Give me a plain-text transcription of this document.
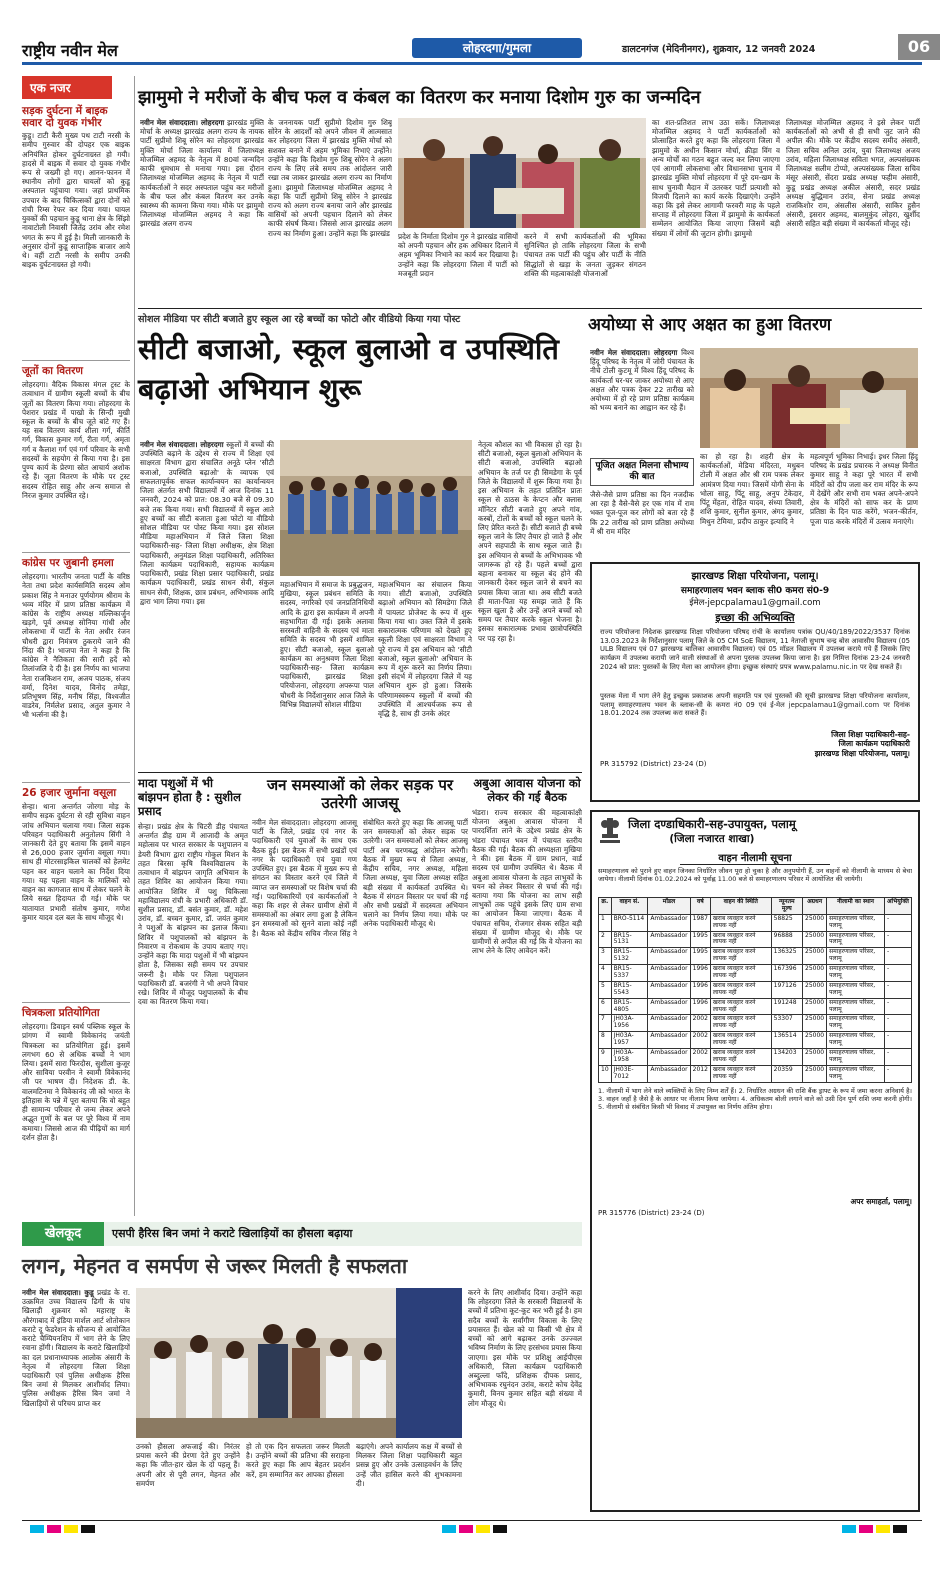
राष्ट्रीय नवीन मेल	लोहरदगा/गुमला	डालटनगंज (मेदिनीनगर), शुक्रवार, 12 जनवरी 2024	06
एक नजर
सड़क दुर्घटना में बाइक सवार दो युवक गंभीर
कुडू। टाटी कैरी मुख्य पथ टाटी नरसी के समीप गुरुवार की दोपहर एक बाइक अनियंत्रित होकर दुर्घटनाग्रस्त हो गयी। हादसे में बाइक में सवार दो युवक गंभीर रूप से जख्मी हो गए। आनन-फानन में स्थानीय लोगों द्वारा घायलों को कुडू अस्पताल पहुंचाया गया। जहां प्राथमिक उपचार के बाद चिकित्सकों द्वारा दोनों को रांची रिम्स रेफर कर दिया गया। घायल युवकों की पहचान कुडू थाना क्षेत्र के सिंझो नावाटोली निवासी जितेंद्र उरांव और रमेश भगत के रूप में हुई है। मिली जानकारी के अनुसार दोनों कुडू साप्ताहिक बाजार आये थे। वहीं टाटी नरसी के समीप उनकी बाइक दुर्घटनाग्रस्त हो गयी।
जूतों का वितरण
लोहरदगा। वैदिक विकास मंगल ट्रस्ट के तत्वाधान में ग्रामीण स्कूली बच्चों के बीच जूतों का वितरण किया गया। लोहरदगा के पेशरार प्रखंड में पाखो के सिन्दी मुखी स्कूल के बच्चों के बीच जूते बांटे गए हैं। यह सब वितरण कार्य शीला गर्ग, कीर्ति गर्ग, विकास कुमार गर्ग, रीता गर्ग, अमृता गर्ग व कैलाश गर्ग एवं गर्ग परिवार के सभी सदस्यों के सहयोग से किया गया है। इस पुण्य कार्य के प्रेरणा स्रोत आचार्य अशोक रहे हैं। जूता वितरण के मौके पर ट्रस्ट सदस्य रोहित साहू और अन्य समाज से निरज कुमार उपस्थित रहे।
कांग्रेस पर जुबानी हमला
लोहरदगा। भारतीय जनता पार्टी के वरिष्ठ नेता तथा प्रदेश कार्यसमिति सदस्य ओम प्रकाश सिंह ने मनाउर पूर्णयोगम श्रीराम के भव्य मंदिर में प्राण प्रतिष्ठा कार्यक्रम में कांग्रेस के राष्ट्रीय अध्यक्ष मल्लिकार्जुन खड़गे, पूर्व अध्यक्ष सोनिया गांधी और लोकसभा में पार्टी के नेता अधीर रंजन चौधरी द्वारा निमंत्रण ठुकराये जाने की निंदा की है। भाजपा नेता ने कहा है कि कांग्रेस ने नैतिकता की सारी हदें को तिलांजलि दे दी है। इस निर्णय का भाजपा नेता राजकिशन राम, अजय पाठक, संजय वर्मा, दिनेश यादव, विनोद तमेड़ा, प्रतिभूषण सिंह, मनीष सिंहा, विश्वजीत वाडरेव, निर्मलेश प्रसाद, अतुल कुमार ने भी भर्त्सना की है।
26 हजार जुर्माना वसूला
सेन्हा। थाना अन्तर्गत जोरगा मोड़ के समीप सड़क दुर्घटना से रही सुविधा वाहन जांच अभियान चलाया गया। जिला सड़क परिवहन पदाधिकारी अनुतोलय सिंगी ने जानकारी देते हुए बताया कि इसमें वाहन से 26,000 हजार जुर्माना वसूला गया। साथ ही मोटरसाइकिल चालकों को हेलमेट पहन कर वाहन चलाने का निर्देश दिया गया। यह पहला वाहन के मालिकों को वाहन का कागजात साथ में लेकर चलने के लिये सख्त हिदायत दी गई। मौके पर यातायात प्रभारी संतोष कुमार, गणेश कुमार यादव दल बल के साथ मौजूद थे।
चित्रकला प्रतियोगिता
लोहरदगा। डिवाइन स्वर्थ पब्लिक स्कूल के प्रांगण में स्वामी विवेकानंद जयंती चित्रकला का प्रतियोगिता हुई। इसमें लगभग 60 से अधिक बच्चों ने भाग लिया। इसमें सारा फिरदौस, सुशीला कुजूर और साविया परवीन ने स्वामी विवेकानंद जी पर भाषण दी। निदेशक डी. के. वालमटिनमा ने विवेकानंद जी को भारत के इतिहास के पन्ने में पूरा बताया कि वो बहुत ही सामान्य परिवार से जन्म लेकर अपने अद्भुत गुणों के बल पर पूरे विश्व में नाम कमाया। जिससे आज की पीढ़ियों का मार्ग दर्शन होता है।
झामुमो ने मरीजों के बीच फल व कंबल का वितरण कर मनाया दिशोम गुरु का जन्मदिन
नवीन मेल संवाददाता। लोहरदगा झारखंड मुक्ति मोर्चा के अध्यक्ष झारखंड अलग राज्य के नायक पार्टी सुप्रीमो शिबू सोरेन का लोहरदगा झारखंड मुक्ति मोर्चा जिला कार्यालय में जिलाध्यक्ष मोजम्मिल अहमद के नेतृत्व में 80वां जन्मदिन काफी धूमधाम से मनाया गया। इस दौरान जिलाध्यक्ष मोजम्मिल अहमद के नेतृत्व में पार्टी कार्यकर्ताओं ने सदर अस्पताल पहुंच कर मरीजों के बीच फल और कंबल वितरण कर उनके स्वास्थ्य की कामना किया गया। मौके पर झामुमो जिलाध्यक्ष मोजम्मिल अहमद ने कहा कि झारखंड अलग राज्य
के जननायक पार्टी सुप्रीमो दिशोम गुरु शिबू सोरेन के आदर्शों को अपने जीवन में आत्मसात कर लोहरदगा जिला में झारखंड मुक्ति मोर्चा को सशक्त बनाने में अहम भूमिका निभाएं उन्होंने। उन्होंने कहा कि दिशोम गुरु शिबू सोरेन ने अलग राज्य के लिए लंबे समय तक आंदोलन जारी रखा तब जाकर झारखंड अलग राज्य का निर्माण हुआ। झामुमो जिलाध्यक्ष मोजम्मिल अहमद ने कहा कि पार्टी सुप्रीमो शिबू सोरेन ने झारखंड राज्य को अलग राज्य बनाया जाने और झारखंड वासियों को अपनी पहचान दिलाने को लेकर काफी संघर्ष किया। जिससे आज झारखंड अलग राज्य का निर्माण हुआ। उन्होंने कहा कि झारखंड प्रदेश के निर्माता दिशोम गुरु ने झारखंड वासियों को अपनी पहचान और हक अधिकार दिलाने में अहम भूमिका निभाने का कार्य कर दिखाया है। उन्होंने कहा कि लोहरदगा जिला में पार्टी को मजबूती प्रदान
करने में सभी कार्यकर्ताओं की भूमिका सुनिश्चित हो ताकि लोहरदगा जिला के सभी पंचायत तक पार्टी की पहुंच और पार्टी के नीति सिद्धांतों से खड़ा के जनता जुड़कर संगठन शक्ति की महत्वाकांक्षी योजनाओं
का शत-प्रतिशत लाभ उठा सकें। जिलाध्यक्ष मोजम्मिल अहमद ने पार्टी कार्यकर्ताओं को प्रोत्साहित करते हुए कहा कि लोहरदगा जिला में झामुमो के अधीन किसान मोर्चा, क्रीड़ा विंग व अन्य मोर्चों का गठन बहुत जल्द कर लिया जाएगा एवं आगामी लोकसभा और विधानसभा चुनाव में झारखंड मुक्ति मोर्चा लोहरदगा में पूरे दम-खम के साथ चुनावी मैदान में उतरकर पार्टी प्रत्याशी को विजयी दिलाने का कार्य करके दिखाएंगे। उन्होंने कहा कि इसे लेकर आगामी फरवरी माह के पहले सप्ताह में लोहरदगा जिला में झामुमो के कार्यकर्ता सम्मेलन आयोजित किया जाएगा जिसमें बड़ी संख्या में लोगों की जुटान होगी। झामुमो
जिलाध्यक्ष मोजम्मिल अहमद ने इसे लेकर पार्टी कार्यकर्ताओं को अभी से ही सभी जुट जाने की अपील की। मौके पर केंद्रीय सदस्य समीद अंसारी, जिला सचिव अनिल उरांव, युवा जिलाध्यक्ष अजय उरांव, महिला जिलाध्यक्ष सविता भगत, अल्पसंख्यक जिलाध्यक्ष सलीम टोप्पो, अल्पसंख्यक जिला सचिव मंसूर अंसारी, सेंदरा प्रखंड अध्यक्ष फहीम अंसारी, कुडू प्रखंड अध्यक्ष अकील अंसारी, सदर प्रखंड अध्यक्ष बुद्धिमान उरांव, सेना प्रखंड अध्यक्ष राजकिशोर राम, अंसलीस अंसारी, साकिर हुसैन अंसारी, इसरार अहमद, बालमुकुंद लोहरा, खुर्शीद अंसारी सहित बड़ी संख्या में कार्यकर्ता मौजूद रहे।
सोशल मीडिया पर सीटी बजाते हुए स्कूल आ रहे बच्चों का फोटो और वीडियो किया गया पोस्ट
सीटी बजाओ, स्कूल बुलाओ व उपस्थिति बढ़ाओ अभियान शुरू
नवीन मेल संवाददाता। लोहरदगा स्कूलों में बच्चों की उपस्थिति बढ़ाने के उद्देश्य से राज्य में शिक्षा एवं साक्षरता विभाग द्वारा संचालित अनूठे प्लेन 'सीटी बजाओ, उपस्थिति बढ़ाओ' के व्यापक एवं सफलतापूर्वक सफल कार्यान्वयन का कार्यान्वयन जिला अंतर्गत सभी विद्यालयों में आज दिनांक 11 जनवरी, 2024 को प्रात: 08.30 बजे से 09.30 बजे तक किया गया। सभी विद्यालयों में स्कूल आते हुए बच्चों का सीटी बजाता हुआ फोटो या वीडियो सोशल मीडिया पर पोस्ट किया गया। इस सोशल मीडिया महाअभियान में जिले जिला शिक्षा पदाधिकारी-सह- जिला शिक्षा अधीक्षक, क्षेत्र शिक्षा पदाधिकारी, अनुमंडल शिक्षा पदाधिकारी, अतिरिक्त जिला कार्यक्रम पदाधिकारी, सहायक कार्यक्रम पदाधिकारी, प्रखंड शिक्षा प्रसार पदाधिकारी, प्रखंड कार्यक्रम पदाधिकारी, प्रखंड साधन सेवी, संकुल साधन सेवी, शिक्षक, छात्र प्रबंधन, अभिभावक आदि द्वारा भाग लिया गया। इस
महाअभियान में समाज के प्रबुद्धजन, मुखिया, स्कूल प्रबंधन समिति के सदस्य, नगरिको एवं जनप्रतिनिधियों आदि के द्वारा इस कार्यक्रम में अपनी सहभागिता दी गई। इसके अलावा सरस्वती वाहिनी के सदस्य एवं माता समिति के सदस्य भी इसमें शामिल हुए। सीटी बजाओ, स्कूल बुलाओ कार्यक्रम का अनुश्रवण जिला शिक्षा पदाधिकारी-सह- जिला कार्यक्रम पदाधिकारी, झारखंड शिक्षा परियोजना, लोहरदगा अपरूपा पाल चौधरी के निर्देशानुसार आज जिले के विभिन्न विद्यालयों सोशल मीडिया
महाअभियान का संचालन किया गया। सीटी बजाओ, उपस्थिति बढ़ाओ अभियान को सिमडेगा जिले में पायलट प्रोजेक्ट के रूप में शुरू किया गया था। उक्त जिले में इसके सकारात्मक परिणाम को देखते हुए स्कूली शिक्षा एवं साक्षरता विभाग ने पूरे राज्य में इस अभियान को 'सीटी बजाओ, स्कूल बुलाओ' अभियान के रूप में शुरू करने का निर्णय लिया। इसी संदर्भ में लोहरदगा जिले में यह अभियान शुरू हो हुआ। जिसके परिणामस्वरूप स्कूलों में बच्चों की उपस्थिति में आश्चर्यजक रूप से वृद्धि है, साथ ही उनके अंदर
नेतृत्व कौशल का भी विकास हो रहा है। सीटी बजाओ, स्कूल बुलाओ अभियान के सीटी बजाओ, उपस्थिति बढ़ाओ अभियान के तर्ज पर ही सिमडेगा के पूर्व जिले के विद्यालयों में शुरू किया गया है। इस अभियान के तहत प्रतिदिन प्रातः स्कूल से ठाठस के केप्टन और क्लास मॉनिटर सीटी बजाते हुए अपने गांव, कस्बों, टोलों के बच्चों को स्कूल चलने के लिए प्रेरित करते हैं। सीटी बजाते ही बच्चे स्कूल जाने के लिए तैयार हो जाते हैं और अपने सहपाठी के साथ स्कूल जाते हैं। इस अभियान से बच्चों के अभिभावक भी जागरूक हो रहे हैं। पहले बच्चों द्वारा बहाना बनाकर या स्कूल बंद होने की जानकारी देकर स्कूल जाने से बचने का प्रयास किया जाता था। अब सीटी बजते ही माता-पिता यह समझ जाते हैं कि स्कूल खुला है और उन्हें अपने बच्चों को समय पर तैयार करके स्कूल भेजना है। इसका सकारात्मक प्रभाव छात्रोपस्थिति पर पड़ रहा है।
अयोध्या से आए अक्षत का हुआ वितरण
नवीन मेल संवाददाता। लोहरदगा विश्व हिंदू परिषद के नेतृत्व में जोरी पंचायत के नीचे टोली कुटमू में विश्व हिंदू परिषद के कार्यकर्ता घर-घर जाकर अयोध्या से आए अक्षत और पत्रक देकर 22 तारीख को अयोध्या में हो रहे प्राण प्रतिष्ठा कार्यक्रम को भव्य बनाने का आह्वान कर रहे हैं।
पूजित अक्षत मिलना सौभाग्य की बात
जैसे-जैसे प्राण प्रतिष्ठा का दिन नजदीक आ रहा है वैसे-वैसे हर एक गांव में राम भक्त पूज-पूज कर लोगों को बता रहे हैं कि 22 तारीख को प्राण प्रतिष्ठा अयोध्या में श्री राम मंदिर
का हो रहा है। शहरी क्षेत्र के कार्यकर्ताओं, मेडिया मंदिरता, मधुबन टोली में अक्षत और श्री राम पत्रक लेकर आमंत्रण दिया गया। जिसमें योगी सेना के भोला साहू, पिंटू साहू, अनुप टेकेदार, पिंटू मेंहता, रोहित यादव, संध्या तिवारी, शशि कुमार, सुनील कुमार, अंगद कुमार, मिथुन टेमिया, प्रदीप ठाकुर इत्यादि ने
महत्वपूर्ण भूमिका निभाई। इधर जिला हिंदू परिषद के प्रखंड प्रचारक ने अध्यक्ष विनीत कुमार साहू ने कहा पूरे भारत में सभी मंदिरों को दीप जला कर राम मंदिर के रूप में देखेंगे और सभी राम भक्त अपने-अपने क्षेत्र के मंदिरों को साफ कर के प्राण प्रतिष्ठा के दिन पाठ करेंगे, भजन-कीर्तन, पूजा पाठ करके मंदिरों में उत्सव मनाएंगे।
झारखण्ड शिक्षा परियोजना, पलामू।
समाहरणालय भवन ब्लाक सी0 कमरा सं0-9
ईमेल-jepcpalamau1@gmail.com
इच्छा की अभिव्यक्ति
राज्य परियोजना निदेशक झारखण्ड शिक्षा परियोजना परिषद रांची के कार्यालय पत्रांक QU/40/189/2022/3537 दिनांक 13.03.2023 के निर्देशानुसार पलामू जिले के 05 CM SoE विद्यालय, 11 नेताजी सुभाष चन्द्र बोस आवासीय विद्यालय (05 ULB विद्यालय एवं 07 झारखण्ड बालिका आवासीय विद्यालय) एवं 05 मॉडल विद्यालय में उपलब्ध कराये गये हैं जिसके लिए कार्यक्रम में उपलब्ध करायी जाने वाली संस्थाओं से अपना पुस्तक उपलब्ध किया जाना है। इस निमित्त दिनांक 23-24 जनवरी 2024 को प्रात: पुस्तकों के लिए मेला का आयोजन होगा। इच्छुक संस्थाएं प्रपत्र www.palamu.nic.in पर देख सकते हैं।
पुस्तक मेला में भाग लेने हेतु इच्छुक प्रकाशक अपनी सहमति पत्र एवं पुस्तकों की सूची झारखण्ड शिक्षा परियोजना कार्यालय, पलामू समाहरणालय भवन के ब्लाक-सी के कमरा नं0 09 एवं ई-मेल jepcpalamau1@gmail.com पर दिनांक 18.01.2024 तक उपलब्ध करा सकते हैं।
जिला शिक्षा पदाधिकारी-सह-
जिला कार्यक्रम पदाधिकारी
झारखण्ड शिक्षा परियोजना, पलामू।
PR 315792 (District) 23-24 (D)
जिला दण्डाधिकारी-सह-उपायुक्त, पलामू
(जिला नजारत शाखा)
वाहन नीलामी सूचना
समाहरणालय को पुराने हुए वाहन जिनका निर्धारित जीवन पूरा हो चुका है और अनुपयोगी हैं, उन वाहनों को नीलामी के माध्यम से बेचा जायेगा। नीलामी दिनांक 01.02.2024 को पूर्वाह्न 11.00 बजे से समाहरणालय परिसर में आयोजित की जायेगी।
क्र.	वाहन सं.	मॉडल	वर्ष	वाहन की स्थिति	न्यूनतम मूल्य	अग्रधन	नीलामी का स्थान	अभियुक्ति
1	BRO-5114	Ambassador	1987	खराब व्यवहार करने लायक नहीं	58825	25000	समाहरणालय परिसर, पलामू	-
2	BR15-5131	Ambassador	1995	खराब व्यवहार करने लायक नहीं	96888	25000	समाहरणालय परिसर, पलामू	-
3	BR15-5132	Ambassador	1995	खराब व्यवहार करने लायक नहीं	136325	25000	समाहरणालय परिसर, पलामू	-
4	BR15-5337	Ambassador	1996	खराब व्यवहार करने लायक नहीं	167396	25000	समाहरणालय परिसर, पलामू	-
5	BR15-5543	Ambassador	1996	खराब व्यवहार करने लायक नहीं	197126	25000	समाहरणालय परिसर, पलामू	-
6	BR15-4805	Ambassador	1996	खराब व्यवहार करने लायक नहीं	191248	25000	समाहरणालय परिसर, पलामू	-
7	JH03A-1956	Ambassador	2002	खराब व्यवहार करने लायक नहीं	53307	25000	समाहरणालय परिसर, पलामू	-
8	JH03A-1957	Ambassador	2002	खराब व्यवहार करने लायक नहीं	136514	25000	समाहरणालय परिसर, पलामू	-
9	JH03A-1958	Ambassador	2002	खराब व्यवहार करने लायक नहीं	134203	25000	समाहरणालय परिसर, पलामू	-
10	JH03E-7012	Ambassador	2012	खराब व्यवहार करने लायक नहीं	20359	25000	समाहरणालय परिसर, पलामू	-
1. नीलामी में भाग लेने वाले व्यक्तियों के लिए निम्न शर्तें हैं। 2. निर्धारित अग्रधन की राशि बैंक ड्राफ्ट के रूप में जमा करना अनिवार्य है। 3. वाहन जहाँ है जैसे है के आधार पर नीलाम किया जायेगा। 4. अधिकतम बोली लगाने वाले को उसी दिन पूर्ण राशि जमा करनी होगी। 5. नीलामी से संबंधित किसी भी विवाद में उपायुक्त का निर्णय अंतिम होगा।
अपर समाहर्ता, पलामू।
PR 315776 (District) 23-24 (D)
मादा पशुओं में भी बांझपन होता है : सुशील प्रसाद
सेन्हा। प्रखंड क्षेत्र के चिटरी डीह पंचायत अन्तर्गत डीह ग्राम में आजादी के अमृत महोत्सव पर भारत सरकार के पशुपालन व डेयरी विभाग द्वारा राष्ट्रीय गोकुल मिशन के तहत बिरसा कृषि विश्वविद्यालय के तत्वाधान में बांझपन जागृति अभियान के तहत शिविर का आयोजन किया गया। आयोजित शिविर में पशु चिकित्सा महाविद्यालय रांची के प्रभारी अधिकारी डॉ. सुशील प्रसाद, डॉ. बसंत कुमार, डॉ. महेश उरांव, डॉ. बच्चन कुमार, डॉ. जयंत कुमार ने पशुओं के बांझपन का इलाज किया। शिविर में पशुपालकों को बांझपन के निवारण व रोकथाम के उपाय बताए गए। उन्होंने कहा कि मादा पशुओं में भी बांझपन होता है, जिसका सही समय पर उपचार जरूरी है। मौके पर जिला पशुपालन पदाधिकारी डॉ. बजरंगी ने भी अपने विचार रखे। शिविर में मौजूद पशुपालकों के बीच दवा का वितरण किया गया।
जन समस्याओं को लेकर सड़क पर उतरेगी आजसू
नवीन मेल संवाददाता। लोहरदगा आजसू पार्टी के जिले, प्रखंड एवं नगर के पदाधिकारी एवं युवाओं के साथ एक बैठक हुई। इस बैठक में सभी प्रखंडों एवं नगर के पदाधिकारी एवं युवा गण उपस्थित हुए। इस बैठक में मुख्य रूप से संगठन का विस्तार करने एवं जिले में व्याप्त जन समस्याओं पर विशेष चर्चा की गई। पदाधिकारियों एवं कार्यकर्ताओं ने कहा कि शहर से लेकर ग्रामीण क्षेत्रों में समस्याओं का अंबार लगा हुआ है लेकिन इन समस्याओं को सुनने वाला कोई नहीं है। बैठक को केंद्रीय सचिव नीरज सिंह ने संबोधित करते हुए कहा कि आजसू पार्टी जन समस्याओं को लेकर सड़क पर उतरेगी। जन समस्याओं को लेकर आजसू पार्टी अब चरणबद्ध आंदोलन करेगी। बैठक में मुख्य रूप से जिला अध्यक्ष, केंद्रीय सचिव, नगर अध्यक्ष, महिला जिला अध्यक्ष, युवा जिला अध्यक्ष सहित बड़ी संख्या में कार्यकर्ता उपस्थित थे। बैठक में संगठन विस्तार पर चर्चा की गई और सभी प्रखंडों में सदस्यता अभियान चलाने का निर्णय लिया गया। मौके पर अनेक पदाधिकारी मौजूद थे।
अबुआ आवास योजना को लेकर की गई बैठक
भंडरा। राज्य सरकार की महत्वाकांक्षी योजना अबुआ आवास योजना में पारदर्शिता लाने के उद्देश्य प्रखंड क्षेत्र के भंडरा पंचायत भवन में पंचायत स्तरीय बैठक की गई। बैठक की अध्यक्षता मुखिया ने की। इस बैठक में ग्राम प्रधान, वार्ड सदस्य एवं ग्रामीण उपस्थित थे। बैठक में अबुआ आवास योजना के तहत लाभुकों के चयन को लेकर विस्तार से चर्चा की गई। बताया गया कि योजना का लाभ सही लाभुकों तक पहुंचे इसके लिए ग्राम सभा का आयोजन किया जाएगा। बैठक में पंचायत सचिव, रोजगार सेवक सहित बड़ी संख्या में ग्रामीण मौजूद थे। मौके पर ग्रामीणों से अपील की गई कि वे योजना का लाभ लेने के लिए आवेदन करें।
खेलकूद	एसपी हैरिस बिन जमां ने कराटे खिलाड़ियों का हौसला बढ़ाया
लगन, मेहनत व समर्पण से जरूर मिलती है सफलता
नवीन मेल संवाददाता। कुडू प्रखंड के रा. उत्क्रमित उच्च विद्यालय ढिगी के पांच खिलाड़ी शुक्रवार को महाराष्ट्र के औरंगाबाद में इंडिया मार्शल आर्ट शोतोकान कराटे दू फेडरेशन के सौजन्य से आयोजित कराटे चैम्पियनशिप में भाग लेने के लिए रवाना होंगी। विद्यालय के कराटे खिलाड़ियों का दल प्रधानाध्यापक आलोक अंसारी के नेतृत्व में लोहरदगा जिला शिक्षा पदाधिकारी एवं पुलिस अधीक्षक हैरिस बिन जमां से मिलकर आशीर्वाद लिया। पुलिस अधीक्षक हैरिस बिन जमां ने खिलाड़ियों से परिचय प्राप्त कर
उनको हौसला अफजाई की। निरंतर प्रयास करने की प्रेरणा देते हुए उन्होंने कहा कि जीत-हार खेल के दो पहलू हैं। अपनी ओर से पूरी लगन, मेहनत और समर्पण
हो तो एक दिन सफलता जरूर मिलती है। उन्होंने बच्चों की प्रतिभा की सराहना करते हुए कहा कि आप बेहतर प्रदर्शन करें, हम सम्मानित कर आपका हौसला
बढ़ाएंगे। अपने कार्यालय कक्ष में बच्चों से मिलकर जिला शिक्षा पदाधिकारी बहुत प्रसन्न हुए और उनके उत्साहवर्धन के लिए उन्हें जीत हासिल करने की शुभकामना दी।
करने के लिए आशीर्वाद दिया। उन्होंने कहा कि लोहरदगा जिले के सरकारी विद्यालयों के बच्चों में प्रतिभा कूट-कूट कर भरी हुई है। हम सदैव बच्चों के सर्वांगीण विकास के लिए प्रयासरत हैं। खेल को या किसी भी क्षेत्र में बच्चों को आगे बढ़ाकर उनके उज्ज्वल भविष्य निर्माण के लिए हरसंभव प्रयास किया जाएगा। इस मौके पर प्रशिक्षु आईपीएस अधिकारी, जिला कार्यक्रम पदाधिकारी अब्दुल्ला फाँदे, प्रशिक्षक दीपक प्रसाद, अभिभावक रघुनंदन उरांव, कराटे कोच देवेंद्र कुमारी, विनय कुमार सहित बड़ी संख्या में लोग मौजूद थे।
